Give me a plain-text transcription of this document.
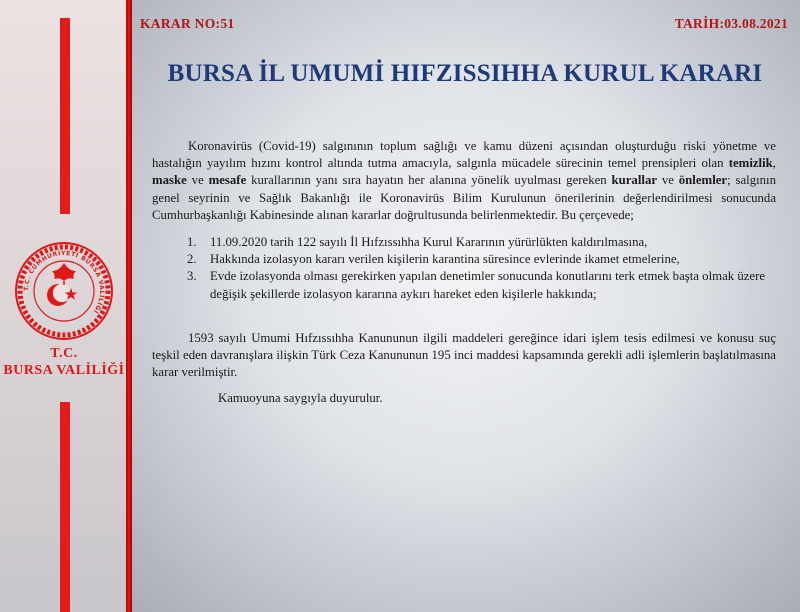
T.C. CUMHURİYETİ BURSA VALİLİĞİ
T.C.
BURSA VALİLİĞİ
KARAR NO:51	TARİH:03.08.2021
BURSA İL UMUMİ HIFZISSIHHA KURUL KARARI
Koronavirüs (Covid-19) salgınının toplum sağlığı ve kamu düzeni açısından oluşturduğu riski yönetme ve hastalığın yayılım hızını kontrol altında tutma amacıyla, salgınla mücadele sürecinin temel prensipleri olan temizlik, maske ve mesafe kurallarının yanı sıra hayatın her alanına yönelik uyulması gereken kurallar ve önlemler; salgının genel seyrinin ve Sağlık Bakanlığı ile Koronavirüs Bilim Kurulunun önerilerinin değerlendirilmesi sonucunda Cumhurbaşkanlığı Kabinesinde alınan kararlar doğrultusunda belirlenmektedir. Bu çerçevede;
1. 11.09.2020 tarih 122 sayılı İl Hıfzıssıhha Kurul Kararının yürürlükten kaldırılmasına,
2. Hakkında izolasyon kararı verilen kişilerin karantina süresince evlerinde ikamet etmelerine,
3. Evde izolasyonda olması gerekirken yapılan denetimler sonucunda konutlarını terk etmek başta olmak üzere değişik şekillerde izolasyon kararına aykırı hareket eden kişilerle hakkında;
1593 sayılı Umumi Hıfzıssıhha Kanununun ilgili maddeleri gereğince idari işlem tesis edilmesi ve konusu suç teşkil eden davranışlara ilişkin Türk Ceza Kanununun 195 inci maddesi kapsamında gerekli adli işlemlerin başlatılmasına karar verilmiştir.
Kamuoyuna saygıyla duyurulur.
